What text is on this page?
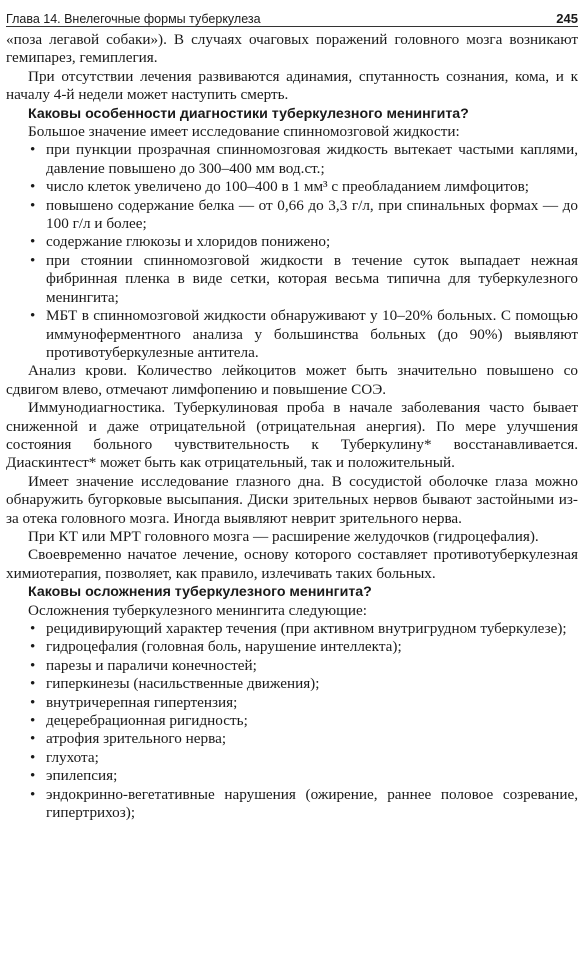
Глава 14. Внелегочные формы туберкулеза	245

«поза легавой собаки»). В случаях очаговых поражений головного мозга возникают гемипарез, гемиплегия.

При отсутствии лечения развиваются адинамия, спутанность сознания, кома, и к началу 4-й недели может наступить смерть.

Каковы особенности диагностики туберкулезного менингита?

Большое значение имеет исследование спинномозговой жидкости:

• при пункции прозрачная спинномозговая жидкость вытекает частыми каплями, давление повышено до 300–400 мм вод.ст.;
• число клеток увеличено до 100–400 в 1 мм³ с преобладанием лимфоцитов;
• повышено содержание белка — от 0,66 до 3,3 г/л, при спинальных формах — до 100 г/л и более;
• содержание глюкозы и хлоридов понижено;
• при стоянии спинномозговой жидкости в течение суток выпадает нежная фибринная пленка в виде сетки, которая весьма типична для туберкулезного менингита;
• МБТ в спинномозговой жидкости обнаруживают у 10–20% больных. С помощью иммуноферментного анализа у большинства больных (до 90%) выявляют противотуберкулезные антитела.

Анализ крови. Количество лейкоцитов может быть значительно повышено со сдвигом влево, отмечают лимфопению и повышение СОЭ.

Иммунодиагностика. Туберкулиновая проба в начале заболевания часто бывает сниженной и даже отрицательной (отрицательная анергия). По мере улучшения состояния больного чувствительность к Туберкулину* восстанавливается. Диаскинтест* может быть как отрицательный, так и положительный.

Имеет значение исследование глазного дна. В сосудистой оболочке глаза можно обнаружить бугорковые высыпания. Диски зрительных нервов бывают застойными из-за отека головного мозга. Иногда выявляют неврит зрительного нерва.

При КТ или МРТ головного мозга — расширение желудочков (гидроцефалия).

Своевременно начатое лечение, основу которого составляет противотуберкулезная химиотерапия, позволяет, как правило, излечивать таких больных.

Каковы осложнения туберкулезного менингита?

Осложнения туберкулезного менингита следующие:

• рецидивирующий характер течения (при активном внутригрудном туберкулезе);
• гидроцефалия (головная боль, нарушение интеллекта);
• парезы и параличи конечностей;
• гиперкинезы (насильственные движения);
• внутричерепная гипертензия;
• децеребрационная ригидность;
• атрофия зрительного нерва;
• глухота;
• эпилепсия;
• эндокринно-вегетативные нарушения (ожирение, раннее половое созревание, гипертрихоз);
